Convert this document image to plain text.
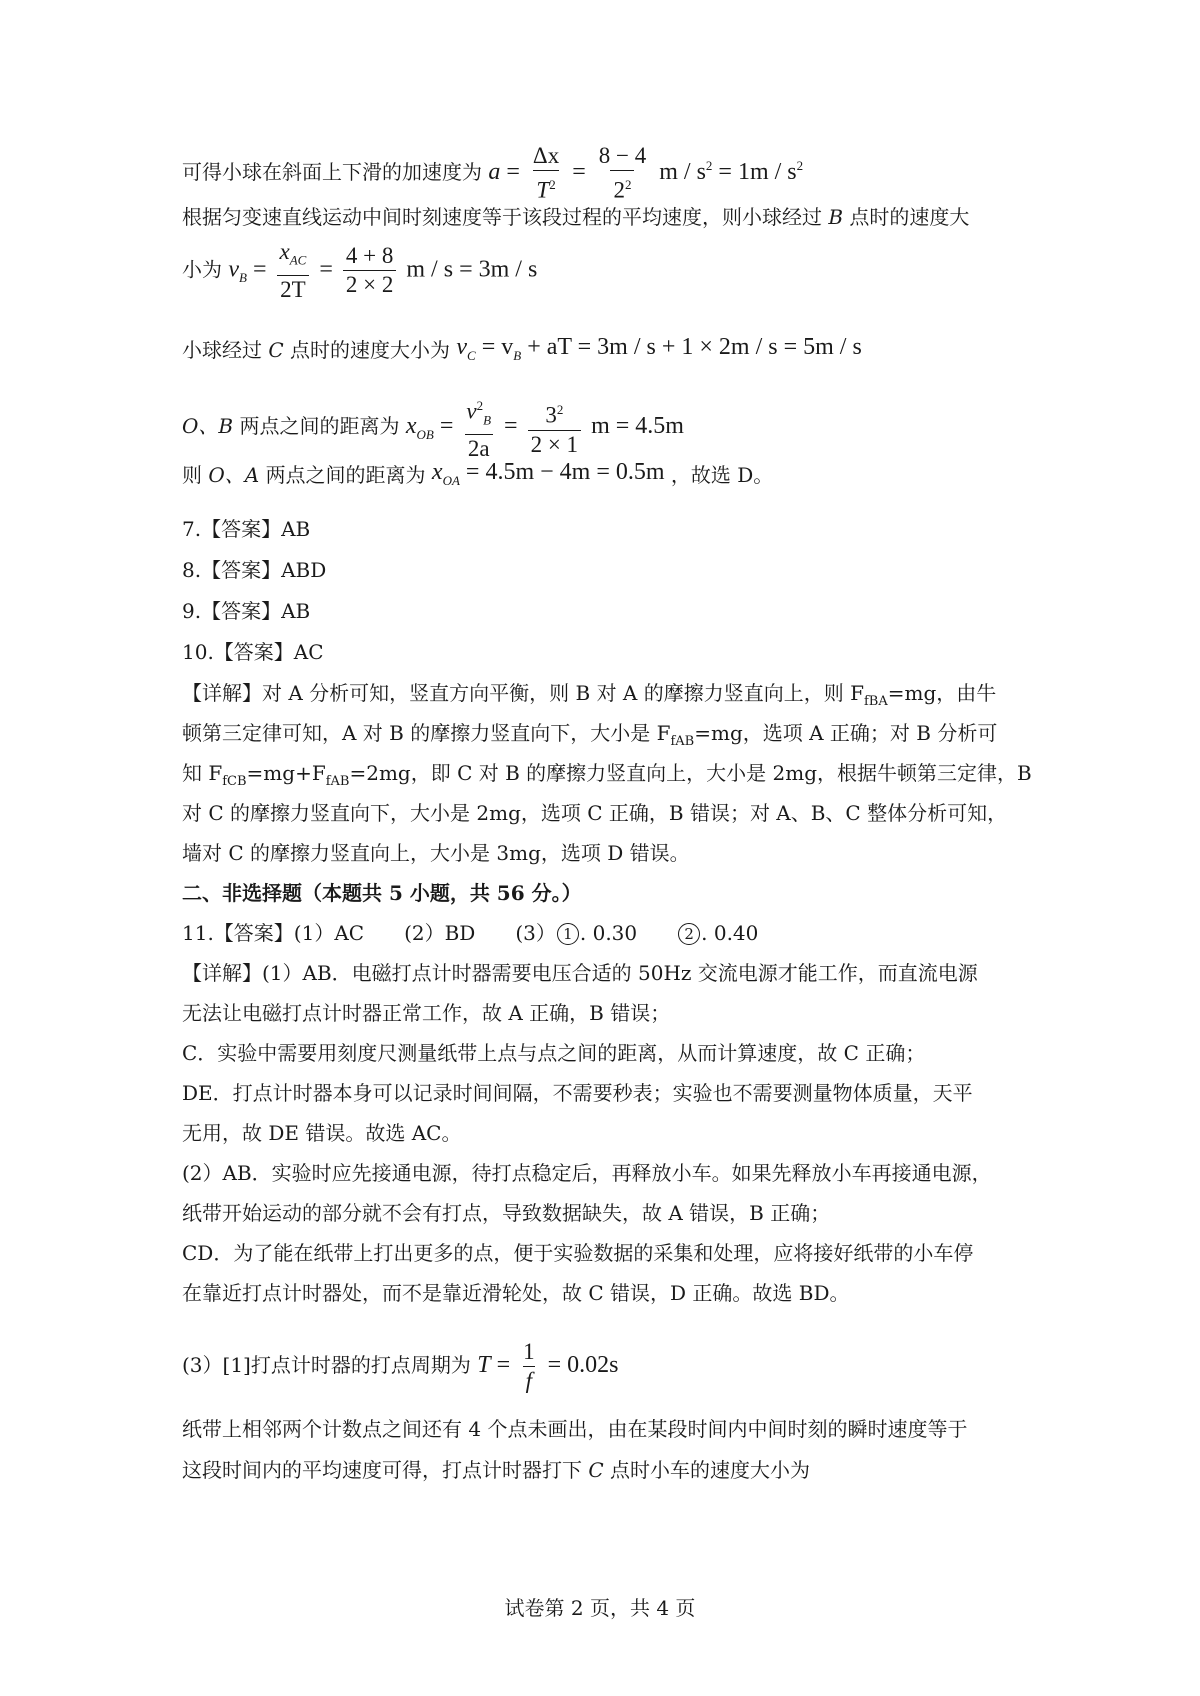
可得小球在斜面上下滑的加速度为 $a = \frac{\Delta x}{T^2} = \frac{8 - 4}{2^2}$ $m / s^2 = 1m / s^2$
根据匀变速直线运动中间时刻速度等于该段过程的平均速度，则小球经过 B 点时的速度大
小为 $v_B = \frac{x_{AC}}{2T} = \frac{4 + 8}{2 \times 2}$ m / s = 3m / s
小球经过 C 点时的速度大小为 $v_C = v_B$ + aT = 3m / s + 1 × 2m / s = 5m / s
O、B 两点之间的距离为 $x_{OB} = \frac{v^2_B}{2a} = \frac{3^2}{2 \times 1}$ m = 4.5m
则 O、A 两点之间的距离为 $x_{OA} = 4.5m - 4m = 0.5m$ ，故选 D。
7.【答案】AB
8.【答案】ABD
9.【答案】AB
10.【答案】AC
【详解】对 A 分析可知，竖直方向平衡，则 B 对 A 的摩擦力竖直向上，则 $F_{fBA}=mg$，由牛
顿第三定律可知，A 对 B 的摩擦力竖直向下，大小是 $F_{fAB}=mg$，选项 A 正确；对 B 分析可
知 $F_{fCB}=mg+F_{fAB}=2mg$，即 C 对 B 的摩擦力竖直向上，大小是 2mg，根据牛顿第三定律，B
对 C 的摩擦力竖直向下，大小是 2mg，选项 C 正确，B 错误；对 A、B、C 整体分析可知，
墙对 C 的摩擦力竖直向上，大小是 3mg，选项 D 错误。
二、非选择题（本题共 5 小题，共 56 分。）
11.【答案】(1）AC　　(2）BD　　(3） 1 . 0.30　　	2 . 0.40
【详解】(1）AB．电磁打点计时器需要电压合适的 50Hz 交流电源才能工作，而直流电源
无法让电磁打点计时器正常工作，故 A 正确，B 错误；
C．实验中需要用刻度尺测量纸带上点与点之间的距离，从而计算速度，故 C 正确；
DE．打点计时器本身可以记录时间间隔，不需要秒表；实验也不需要测量物体质量，天平
无用，故 DE 错误。故选 AC。
(2）AB．实验时应先接通电源，待打点稳定后，再释放小车。如果先释放小车再接通电源，
纸带开始运动的部分就不会有打点，导致数据缺失，故 A 错误，B 正确；
CD．为了能在纸带上打出更多的点，便于实验数据的采集和处理，应将接好纸带的小车停
在靠近打点计时器处，而不是靠近滑轮处，故 C 错误，D 正确。故选 BD。
(3）[1]打点计时器的打点周期为 $T = \frac{1}{f} = 0.02s$
纸带上相邻两个计数点之间还有 4 个点未画出，由在某段时间内中间时刻的瞬时速度等于
这段时间内的平均速度可得，打点计时器打下 C 点时小车的速度大小为
试卷第 2 页，共 4 页
